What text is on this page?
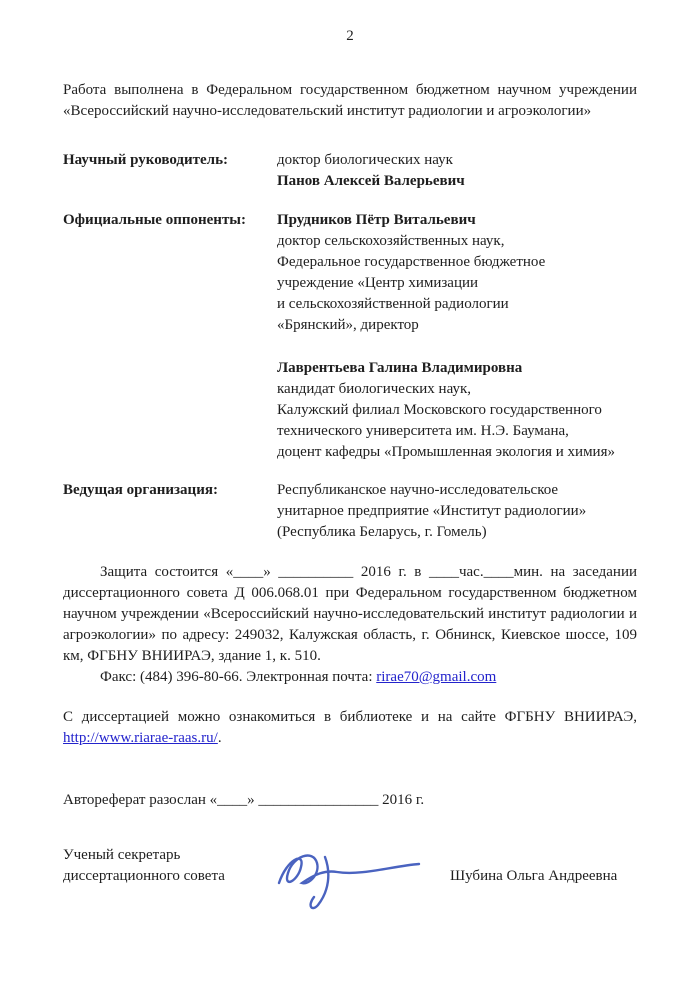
2
Работа выполнена в Федеральном государственном бюджетном научном учреждении «Всероссийский научно-исследовательский институт радиологии и агроэкологии»
Научный руководитель:	доктор биологических наук
Панов Алексей Валерьевич
Официальные оппоненты:	Прудников Пётр Витальевич
доктор сельскохозяйственных наук,
Федеральное государственное бюджетное
учреждение «Центр химизации
и сельскохозяйственной радиологии
«Брянский», директор
Лаврентьева Галина Владимировна
кандидат биологических наук,
Калужский филиал Московского государственного
технического университета им. Н.Э. Баумана,
доцент кафедры «Промышленная экология и химия»
Ведущая организация:	Республиканское научно-исследовательское
унитарное предприятие «Институт радиологии»
(Республика Беларусь, г. Гомель)
Защита состоится «____» __________ 2016 г. в ____час.____мин. на заседании диссертационного совета Д 006.068.01 при Федеральном государственном бюджетном научном учреждении «Всероссийский научно-исследовательский институт радиологии и агроэкологии» по адресу: 249032, Калужская область, г. Обнинск, Киевское шоссе, 109 км, ФГБНУ ВНИИРАЭ, здание 1, к. 510.
Факс: (484) 396-80-66. Электронная почта: rirae70@gmail.com
С диссертацией можно ознакомиться в библиотеке и на сайте ФГБНУ ВНИИРАЭ, http://www.riarae-raas.ru/.
Автореферат разослан «____» ________________ 2016 г.
Ученый секретарь
диссертационного совета	Шубина Ольга Андреевна
